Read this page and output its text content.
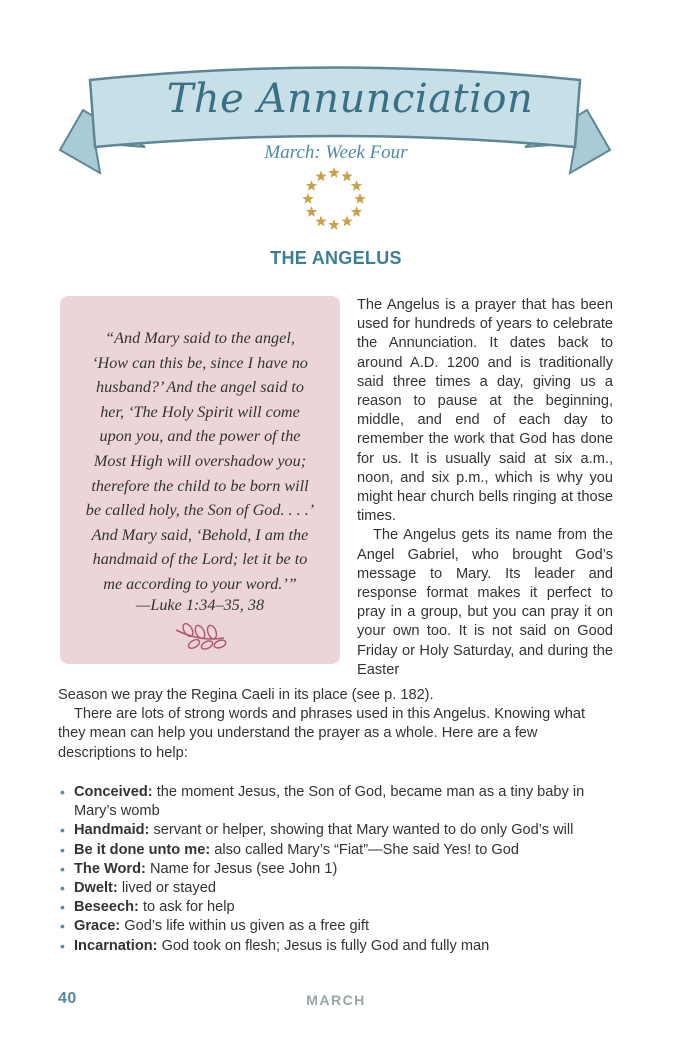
The Annunciation
March: Week Four
THE ANGELUS
“And Mary said to the angel,
‘How can this be, since I have no
husband?’ And the angel said to
her, ‘The Holy Spirit will come
upon you, and the power of the
Most High will overshadow you;
therefore the child to be born will
be called holy, the Son of God. . . .’
And Mary said, ‘Behold, I am the
handmaid of the Lord; let it be to
me according to your word.’”
—Luke 1:34–35, 38

The Angelus is a prayer that has been used for hundreds of years to celebrate the Annunciation. It dates back to around A.D. 1200 and is traditionally said three times a day, giving us a reason to pause at the beginning, middle, and end of each day to remember the work that God has done for us. It is usually said at six a.m., noon, and six p.m., which is why you might hear church bells ringing at those times.

The Angelus gets its name from the Angel Gabriel, who brought God’s message to Mary. Its leader and response format makes it perfect to pray in a group, but you can pray it on your own too. It is not said on Good Friday or Holy Saturday, and during the Easter

Season we pray the Regina Caeli in its place (see p. 182).

There are lots of strong words and phrases used in this Angelus. Knowing what they mean can help you understand the prayer as a whole. Here are a few descriptions to help:

• Conceived: the moment Jesus, the Son of God, became man as a tiny baby in Mary’s womb
• Handmaid: servant or helper, showing that Mary wanted to do only God’s will
• Be it done unto me: also called Mary’s “Fiat”—She said Yes! to God
• The Word: Name for Jesus (see John 1)
• Dwelt: lived or stayed
• Beseech: to ask for help
• Grace: God’s life within us given as a free gift
• Incarnation: God took on flesh; Jesus is fully God and fully man
40	MARCH
